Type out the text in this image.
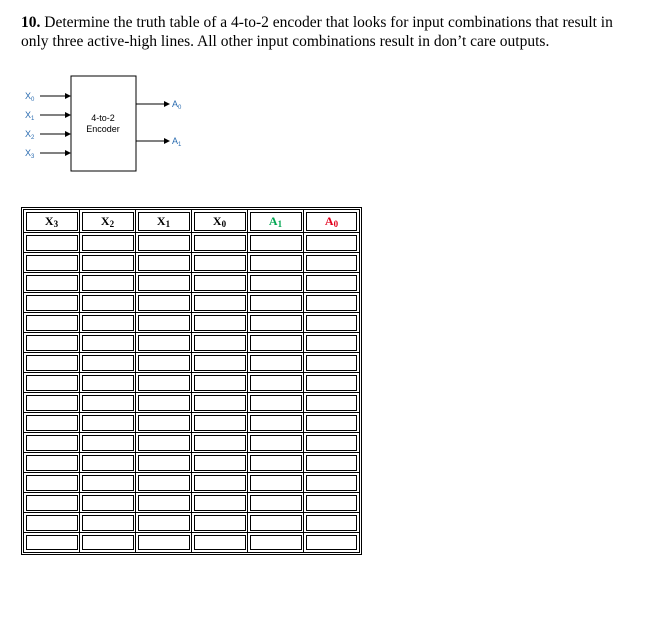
10. Determine the truth table of a 4-to-2 encoder that looks for input combinations that result in only three active-high lines. All other input combinations result in don’t care outputs.
4-to-2
Encoder
$X_0$
$X_1$
$X_2$
$X_3$
$A_0$
$A_1$
$X_3$	$X_2$	$X_1$	$X_0$	$A_1$	$A_0$
